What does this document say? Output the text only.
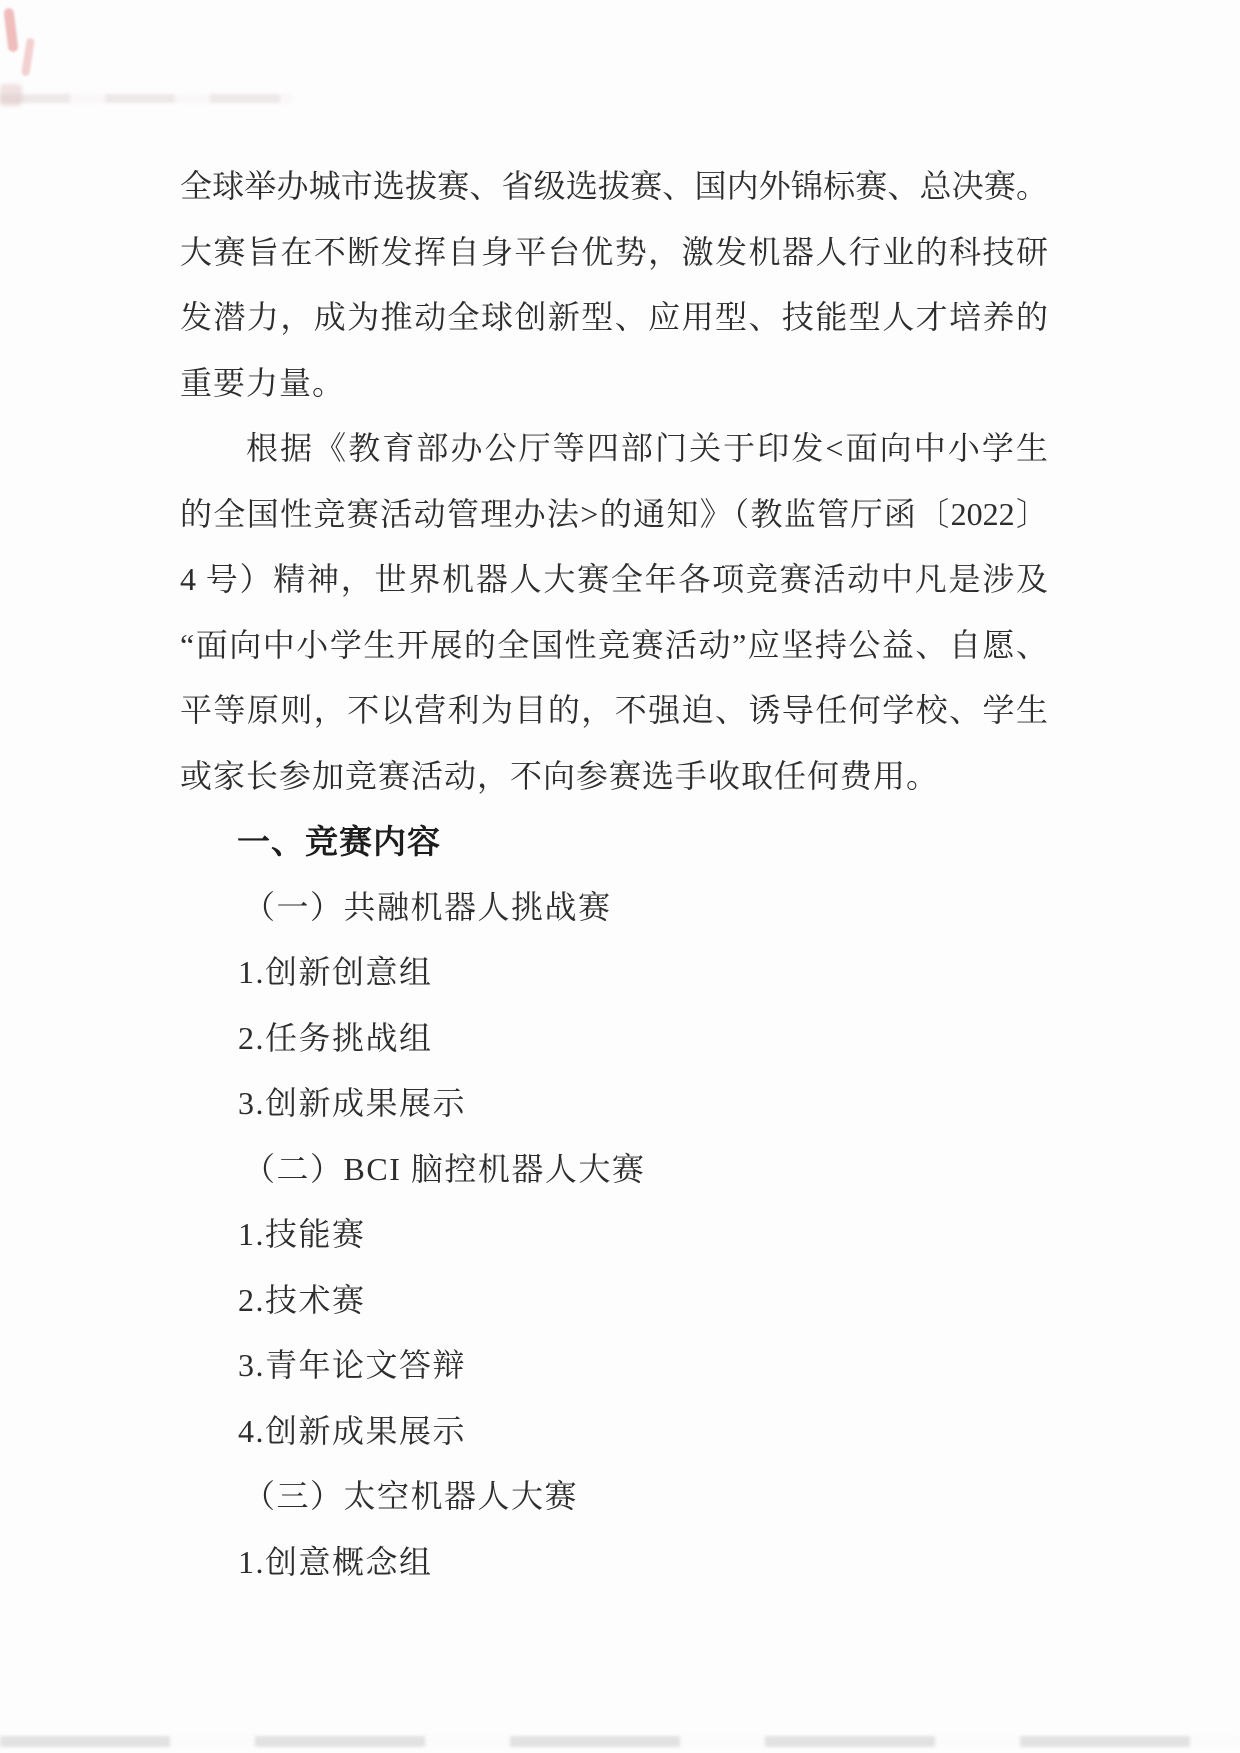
全球举办城市选拔赛、省级选拔赛、国内外锦标赛、总决赛。
大赛旨在不断发挥自身平台优势，激发机器人行业的科技研
发潜力，成为推动全球创新型、应用型、技能型人才培养的
重要力量。
根据《教育部办公厅等四部门关于印发<面向中小学生
的全国性竞赛活动管理办法>的通知》（教监管厅函〔2022〕
4 号）精神，世界机器人大赛全年各项竞赛活动中凡是涉及
“面向中小学生开展的全国性竞赛活动”应坚持公益、自愿、
平等原则，不以营利为目的，不强迫、诱导任何学校、学生
或家长参加竞赛活动，不向参赛选手收取任何费用。
一、竞赛内容
（一）共融机器人挑战赛
1.创新创意组
2.任务挑战组
3.创新成果展示
（二）BCI 脑控机器人大赛
1.技能赛
2.技术赛
3.青年论文答辩
4.创新成果展示
（三）太空机器人大赛
1.创意概念组
